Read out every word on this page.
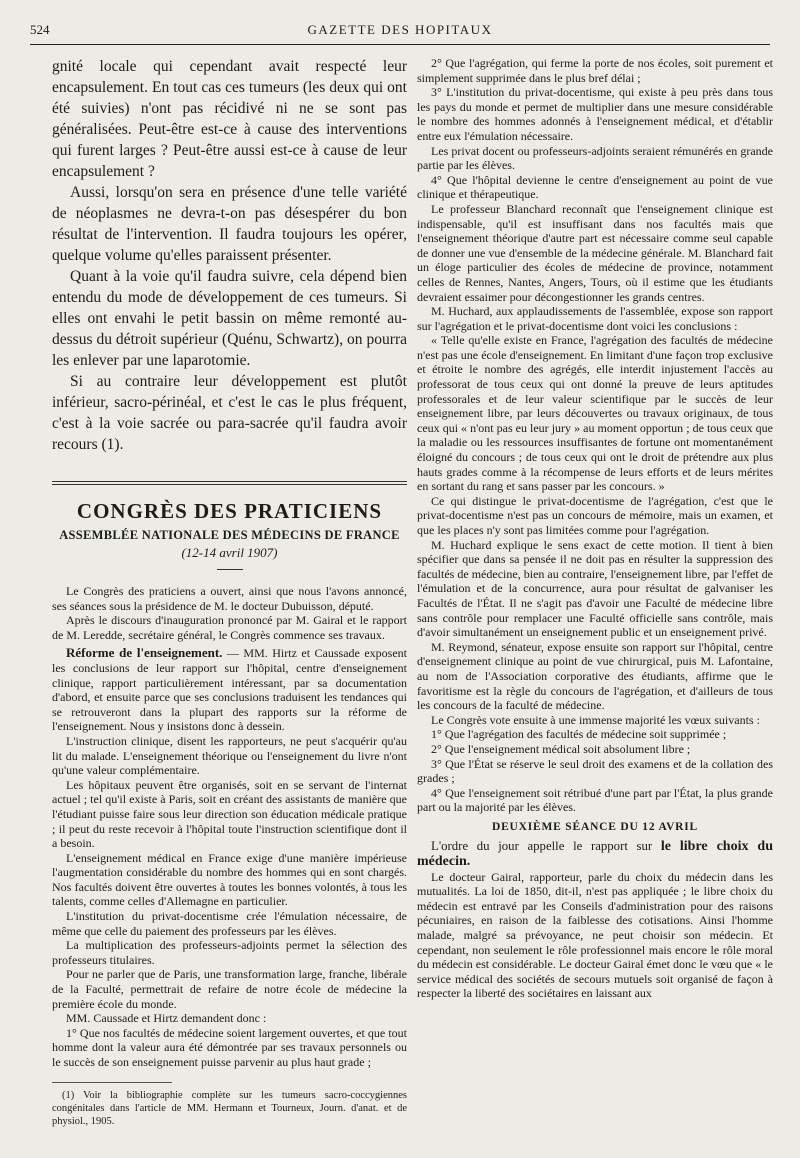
524	GAZETTE DES HOPITAUX

gnité locale qui cependant avait respecté leur encapsulement. En tout cas ces tumeurs (les deux qui ont été suivies) n'ont pas récidivé ni ne se sont pas généralisées. Peut-être est-ce à cause des interventions qui furent larges ? Peut-être aussi est-ce à cause de leur encapsulement ?

Aussi, lorsqu'on sera en présence d'une telle variété de néoplasmes ne devra-t-on pas désespérer du bon résultat de l'intervention. Il faudra toujours les opérer, quelque volume qu'elles paraissent présenter.

Quant à la voie qu'il faudra suivre, cela dépend bien entendu du mode de développement de ces tumeurs. Si elles ont envahi le petit bassin on même remonté au-dessus du détroit supérieur (Quénu, Schwartz), on pourra les enlever par une laparotomie.

Si au contraire leur développement est plutôt inférieur, sacro-périnéal, et c'est le cas le plus fréquent, c'est à la voie sacrée ou para-sacrée qu'il faudra avoir recours (1).

CONGRÈS DES PRATICIENS
ASSEMBLÉE NATIONALE DES MÉDECINS DE FRANCE
(12-14 avril 1907)

Le Congrès des praticiens a ouvert, ainsi que nous l'avons annoncé, ses séances sous la présidence de M. le docteur Dubuisson, député.

Après le discours d'inauguration prononcé par M. Gairal et le rapport de M. Leredde, secrétaire général, le Congrès commence ses travaux.

Réforme de l'enseignement. — MM. Hirtz et Caussade exposent les conclusions de leur rapport sur l'hôpital, centre d'enseignement clinique, rapport particulièrement intéressant, par sa documentation d'abord, et ensuite parce que ses conclusions traduisent les tendances qui se retrouveront dans la plupart des rapports sur la réforme de l'enseignement. Nous y insistons donc à dessein.

L'instruction clinique, disent les rapporteurs, ne peut s'acquérir qu'au lit du malade. L'enseignement théorique ou l'enseignement du livre n'ont qu'une valeur complémentaire.

Les hôpitaux peuvent être organisés, soit en se servant de l'internat actuel ; tel qu'il existe à Paris, soit en créant des assistants de manière que l'étudiant puisse faire sous leur direction son éducation médicale pratique ; il peut du reste recevoir à l'hôpital toute l'instruction scientifique dont il a besoin.

L'enseignement médical en France exige d'une manière impérieuse l'augmentation considérable du nombre des hommes qui en sont chargés. Nos facultés doivent être ouvertes à toutes les bonnes volontés, à tous les talents, comme celles d'Allemagne en particulier.

L'institution du privat-docentisme crée l'émulation nécessaire, de même que celle du paiement des professeurs par les élèves.

La multiplication des professeurs-adjoints permet la sélection des professeurs titulaires.

Pour ne parler que de Paris, une transformation large, franche, libérale de la Faculté, permettrait de refaire de notre école de médecine la première école du monde.

MM. Caussade et Hirtz demandent donc :

1° Que nos facultés de médecine soient largement ouvertes, et que tout homme dont la valeur aura été démontrée par ses travaux personnels ou le succès de son enseignement puisse parvenir au plus haut grade ;

(1) Voir la bibliographie complète sur les tumeurs sacro-coccygiennes congénitales dans l'article de MM. Hermann et Tourneux, Journ. d'anat. et de physiol., 1905.

2° Que l'agrégation, qui ferme la porte de nos écoles, soit purement et simplement supprimée dans le plus bref délai ;

3° L'institution du privat-docentisme, qui existe à peu près dans tous les pays du monde et permet de multiplier dans une mesure considérable le nombre des hommes adonnés à l'enseignement médical, et d'établir entre eux l'émulation nécessaire.

Les privat docent ou professeurs-adjoints seraient rémunérés en grande partie par les élèves.

4° Que l'hôpital devienne le centre d'enseignement au point de vue clinique et thérapeutique.

Le professeur Blanchard reconnaît que l'enseignement clinique est indispensable, qu'il est insuffisant dans nos facultés mais que l'enseignement théorique d'autre part est nécessaire comme seul capable de donner une vue d'ensemble de la médecine générale. M. Blanchard fait un éloge particulier des écoles de médecine de province, notamment celles de Rennes, Nantes, Angers, Tours, où il estime que les étudiants devraient essaimer pour décongestionner les grands centres.

M. Huchard, aux applaudissements de l'assemblée, expose son rapport sur l'agrégation et le privat-docentisme dont voici les conclusions :

« Telle qu'elle existe en France, l'agrégation des facultés de médecine n'est pas une école d'enseignement. En limitant d'une façon trop exclusive et étroite le nombre des agrégés, elle interdit injustement l'accès au professorat de tous ceux qui ont donné la preuve de leurs aptitudes professorales et de leur valeur scientifique par le succès de leur enseignement libre, par leurs découvertes ou travaux originaux, de tous ceux qui « n'ont pas eu leur jury » au moment opportun ; de tous ceux que la maladie ou les ressources insuffisantes de fortune ont momentanément éloigné du concours ; de tous ceux qui ont le droit de prétendre aux plus hauts grades comme à la récompense de leurs efforts et de leurs mérites en sortant du rang et sans passer par les concours. »

Ce qui distingue le privat-docentisme de l'agrégation, c'est que le privat-docentisme n'est pas un concours de mémoire, mais un examen, et que les places n'y sont pas limitées comme pour l'agrégation.

M. Huchard explique le sens exact de cette motion. Il tient à bien spécifier que dans sa pensée il ne doit pas en résulter la suppression des facultés de médecine, bien au contraire, l'enseignement libre, par l'effet de l'émulation et de la concurrence, aura pour résultat de galvaniser les Facultés de l'État. Il ne s'agit pas d'avoir une Faculté de médecine libre sans contrôle pour remplacer une Faculté officielle sans contrôle, mais d'avoir simultanément un enseignement public et un enseignement privé.

M. Reymond, sénateur, expose ensuite son rapport sur l'hôpital, centre d'enseignement clinique au point de vue chirurgical, puis M. Lafontaine, au nom de l'Association corporative des étudiants, affirme que le favoritisme est la règle du concours de l'agrégation, et d'ailleurs de tous les concours de la faculté de médecine.

Le Congrès vote ensuite à une immense majorité les vœux suivants :

1° Que l'agrégation des facultés de médecine soit supprimée ;

2° Que l'enseignement médical soit absolument libre ;

3° Que l'État se réserve le seul droit des examens et de la collation des grades ;

4° Que l'enseignement soit rétribué d'une part par l'État, la plus grande part ou la majorité par les élèves.

DEUXIÈME SÉANCE DU 12 AVRIL

L'ordre du jour appelle le rapport sur le libre choix du médecin.

Le docteur Gairal, rapporteur, parle du choix du médecin dans les mutualités. La loi de 1850, dit-il, n'est pas appliquée ; le libre choix du médecin est entravé par les Conseils d'administration pour des raisons pécuniaires, en raison de la faiblesse des cotisations. Ainsi l'homme malade, malgré sa prévoyance, ne peut choisir son médecin. Et cependant, non seulement le rôle professionnel mais encore le rôle moral du médecin est considérable. Le docteur Gairal émet donc le vœu que « le service médical des sociétés de secours mutuels soit organisé de façon à respecter la liberté des sociétaires en laissant aux
